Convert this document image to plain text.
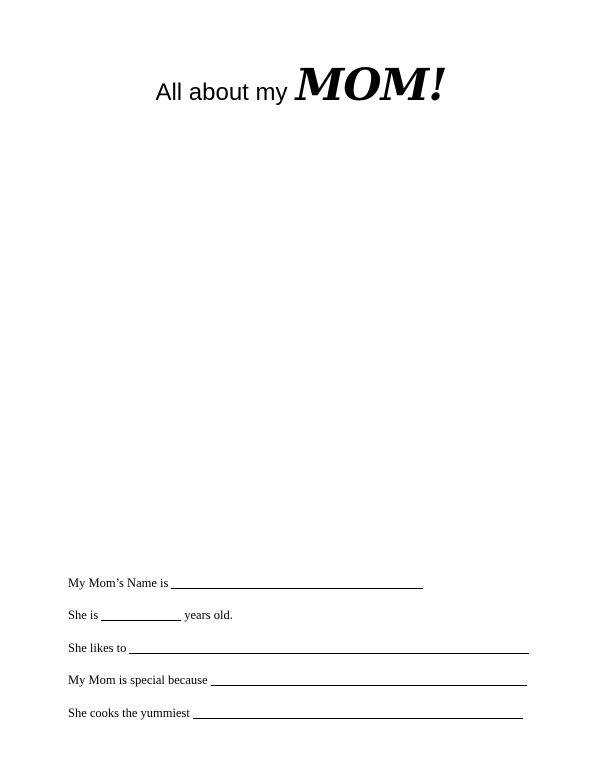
All about my MOM!
My Mom’s Name is
She is	years old.
She likes to
My Mom is special because
She cooks the yummiest
